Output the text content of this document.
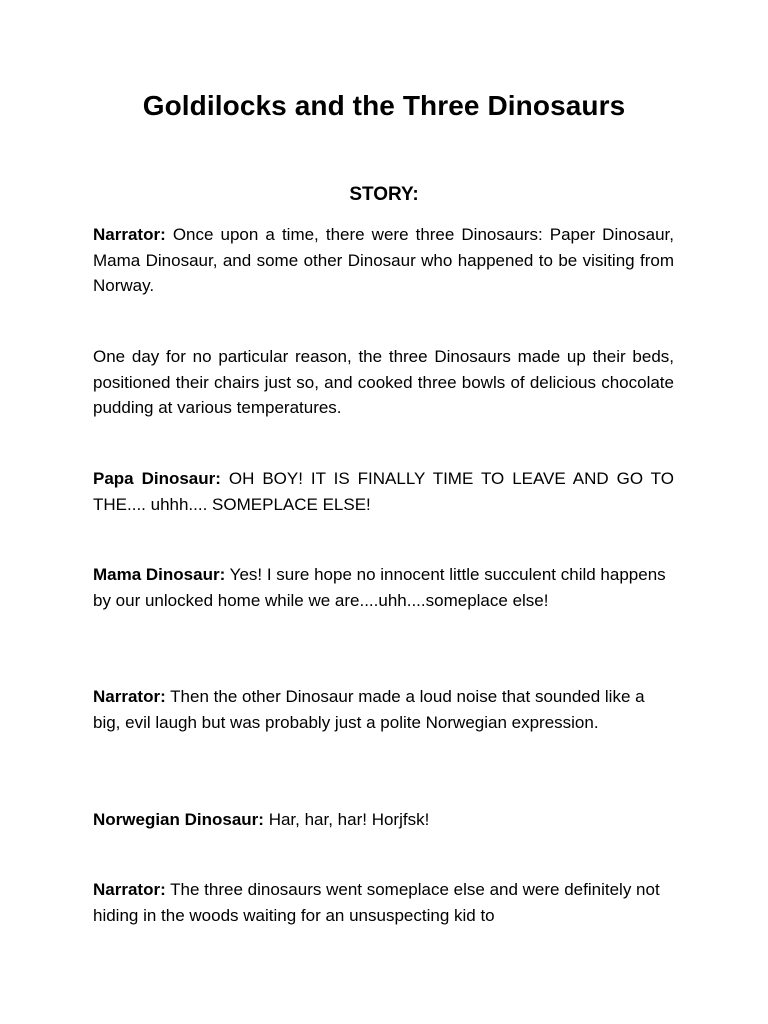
Goldilocks and the Three Dinosaurs
STORY:

Narrator: Once upon a time, there were three Dinosaurs: Paper Dinosaur, Mama Dinosaur, and some other Dinosaur who happened to be visiting from Norway.

One day for no particular reason, the three Dinosaurs made up their beds, positioned their chairs just so, and cooked three bowls of delicious chocolate pudding at various temperatures.

Papa Dinosaur: OH BOY! IT IS FINALLY TIME TO LEAVE AND GO TO THE.... uhhh.... SOMEPLACE ELSE!

Mama Dinosaur: Yes! I sure hope no innocent little succulent child happens by our unlocked home while we are....uhh....someplace else!

Narrator: Then the other Dinosaur made a loud noise that sounded like a big, evil laugh but was probably just a polite Norwegian expression.

Norwegian Dinosaur: Har, har, har! Horjfsk!

Narrator: The three dinosaurs went someplace else and were definitely not hiding in the woods waiting for an unsuspecting kid to
